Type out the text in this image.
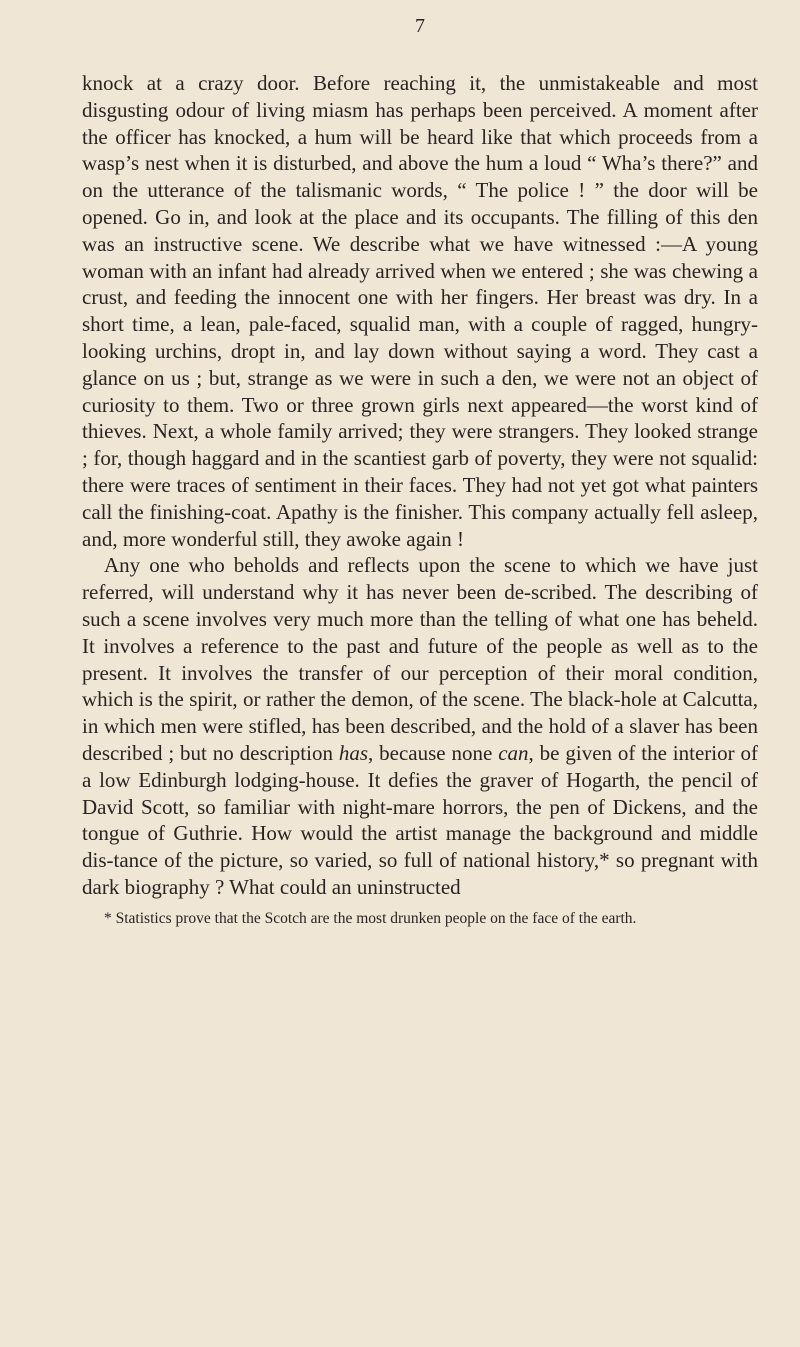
7

knock at a crazy door. Before reaching it, the unmistakeable and most disgusting odour of living miasm has perhaps been perceived. A moment after the officer has knocked, a hum will be heard like that which proceeds from a wasp’s nest when it is disturbed, and above the hum a loud “ Wha’s there?” and on the utterance of the talismanic words, “ The police ! ” the door will be opened. Go in, and look at the place and its occupants. The filling of this den was an instructive scene. We describe what we have witnessed :—A young woman with an infant had already arrived when we entered ; she was chewing a crust, and feeding the innocent one with her fingers. Her breast was dry. In a short time, a lean, pale-faced, squalid man, with a couple of ragged, hungry-looking urchins, dropt in, and lay down without saying a word. They cast a glance on us ; but, strange as we were in such a den, we were not an object of curiosity to them. Two or three grown girls next appeared—the worst kind of thieves. Next, a whole family arrived; they were strangers. They looked strange ; for, though haggard and in the scantiest garb of poverty, they were not squalid: there were traces of sentiment in their faces. They had not yet got what painters call the finishing-coat. Apathy is the finisher. This company actually fell asleep, and, more wonderful still, they awoke again !

Any one who beholds and reflects upon the scene to which we have just referred, will understand why it has never been de-scribed. The describing of such a scene involves very much more than the telling of what one has beheld. It involves a reference to the past and future of the people as well as to the present. It involves the transfer of our perception of their moral condition, which is the spirit, or rather the demon, of the scene. The black-hole at Calcutta, in which men were stifled, has been described, and the hold of a slaver has been described ; but no description has, because none can, be given of the interior of a low Edinburgh lodging-house. It defies the graver of Hogarth, the pencil of David Scott, so familiar with night-mare horrors, the pen of Dickens, and the tongue of Guthrie. How would the artist manage the background and middle dis-tance of the picture, so varied, so full of national history,* so pregnant with dark biography ? What could an uninstructed

* Statistics prove that the Scotch are the most drunken people on the face of the earth.
